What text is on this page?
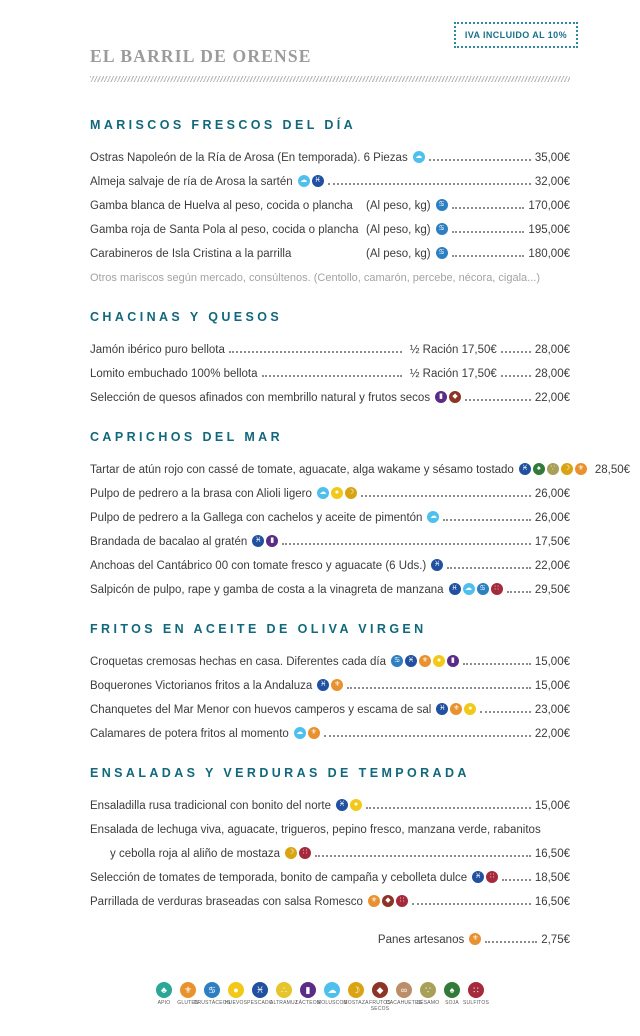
IVA INCLUIDO AL 10%
EL BARRIL DE ORENSE
MARISCOS FRESCOS DEL DÍA
Ostras Napoleón de la Ría de Arosa (En temporada). 6 Piezas	☁	35,00€
Almeja salvaje de ría de Arosa la sartén	☁	♓	32,00€
Gamba blanca de Huelva al peso, cocida o plancha	(Al peso, kg)	♋	170,00€
Gamba roja de Santa Pola al peso, cocida o plancha (Al peso, kg)	♋	195,00€
Carabineros de Isla Cristina a la parrilla	(Al peso, kg)	♋	180,00€
Otros mariscos según mercado, consúltenos. (Centollo, camarón, percebe, nécora, cigala...)
CHACINAS Y QUESOS
Jamón ibérico puro bellota	½ Ración 17,50€	28,00€
Lomito embuchado 100% bellota	½ Ración 17,50€	28,00€
Selección de quesos afinados con membrillo natural y frutos secos	▮	◆	22,00€
CAPRICHOS DEL MAR
Tartar de atún rojo con cassé de tomate, aguacate, alga wakame y sésamo tostado	♓	♠	∵	☽	⚜ 28,50€
Pulpo de pedrero a la brasa con Alioli ligero	☁	●	☽	26,00€
Pulpo de pedrero a la Gallega con cachelos y aceite de pimentón	☁	26,00€
Brandada de bacalao al gratén	♓	▮	17,50€
Anchoas del Cantábrico 00 con tomate fresco y aguacate (6 Uds.)	♓	22,00€
Salpicón de pulpo, rape y gamba de costa a la vinagreta de manzana	♓	☁	♋	∷	29,50€
FRITOS EN ACEITE DE OLIVA VIRGEN
Croquetas cremosas hechas en casa. Diferentes cada día	♋	♓	⚜	●	▮	15,00€
Boquerones Victorianos fritos a la Andaluza	♓	⚜	15,00€
Chanquetes del Mar Menor con huevos camperos y escama de sal	♓	⚜	●	23,00€
Calamares de potera fritos al momento	☁	⚜	22,00€
ENSALADAS Y VERDURAS DE TEMPORADA
Ensaladilla rusa tradicional con bonito del norte	♓	●	15,00€
Ensalada de lechuga viva, aguacate, trigueros, pepino fresco, manzana verde, rabanitos
y cebolla roja al aliño de mostaza	☽	∷	16,50€
Selección de tomates de temporada, bonito de campaña y cebolleta dulce	♓	∷	18,50€
Parrillada de verduras braseadas con salsa Romesco	⚜	◆	∷	16,50€
Panes artesanos	⚜	2,75€
♣
APIO
⚜
GLUTEN
♋
CRUSTÁCEOS
●
HUEVOS
♓
PESCADO
∴
ALTRAMUZ
▮
LÁCTEOS
☁
MOLUSCOS
☽
MOSTAZA
◆
FRUTOS SECOS
∞
CACAHUETES
∵
SÉSAMO
♠
SOJA
∷
SULFITOS
